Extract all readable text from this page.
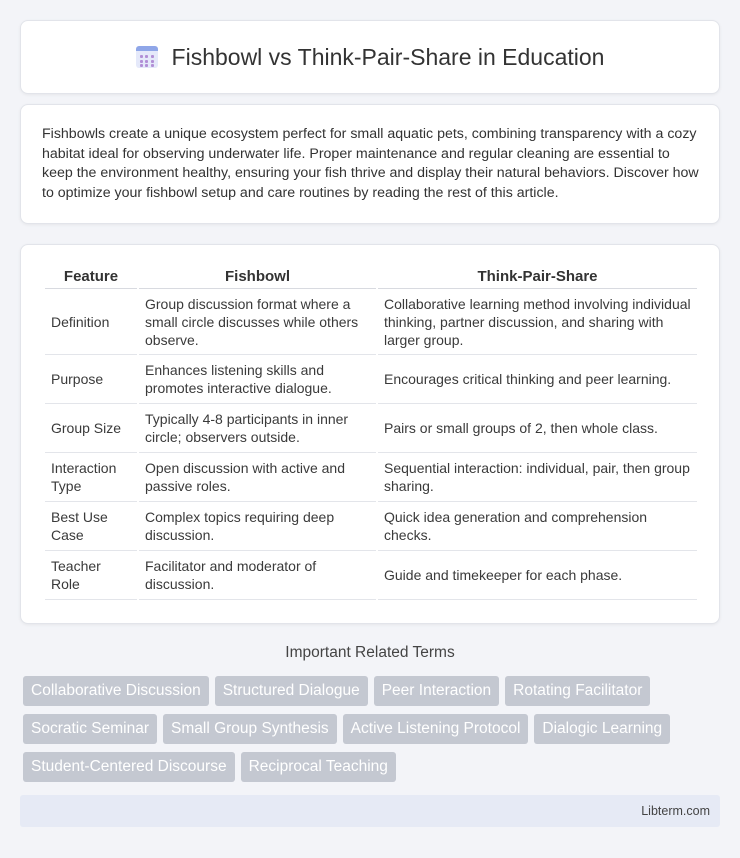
Fishbowl vs Think-Pair-Share in Education

Fishbowls create a unique ecosystem perfect for small aquatic pets, combining transparency with a cozy habitat ideal for observing underwater life. Proper maintenance and regular cleaning are essential to keep the environment healthy, ensuring your fish thrive and display their natural behaviors. Discover how to optimize your fishbowl setup and care routines by reading the rest of this article.

Feature	Fishbowl	Think-Pair-Share
Definition	Group discussion format where a small circle discusses while others observe.	Collaborative learning method involving individual thinking, partner discussion, and sharing with larger group.
Purpose	Enhances listening skills and promotes interactive dialogue.	Encourages critical thinking and peer learning.
Group Size	Typically 4-8 participants in inner circle; observers outside.	Pairs or small groups of 2, then whole class.
Interaction Type	Open discussion with active and passive roles.	Sequential interaction: individual, pair, then group sharing.
Best Use Case	Complex topics requiring deep discussion.	Quick idea generation and comprehension checks.
Teacher Role	Facilitator and moderator of discussion.	Guide and timekeeper for each phase.
Important Related Terms
Collaborative Discussion	Structured Dialogue	Peer Interaction	Rotating Facilitator
Socratic Seminar	Small Group Synthesis	Active Listening Protocol	Dialogic Learning
Student-Centered Discourse	Reciprocal Teaching
Libterm.com
